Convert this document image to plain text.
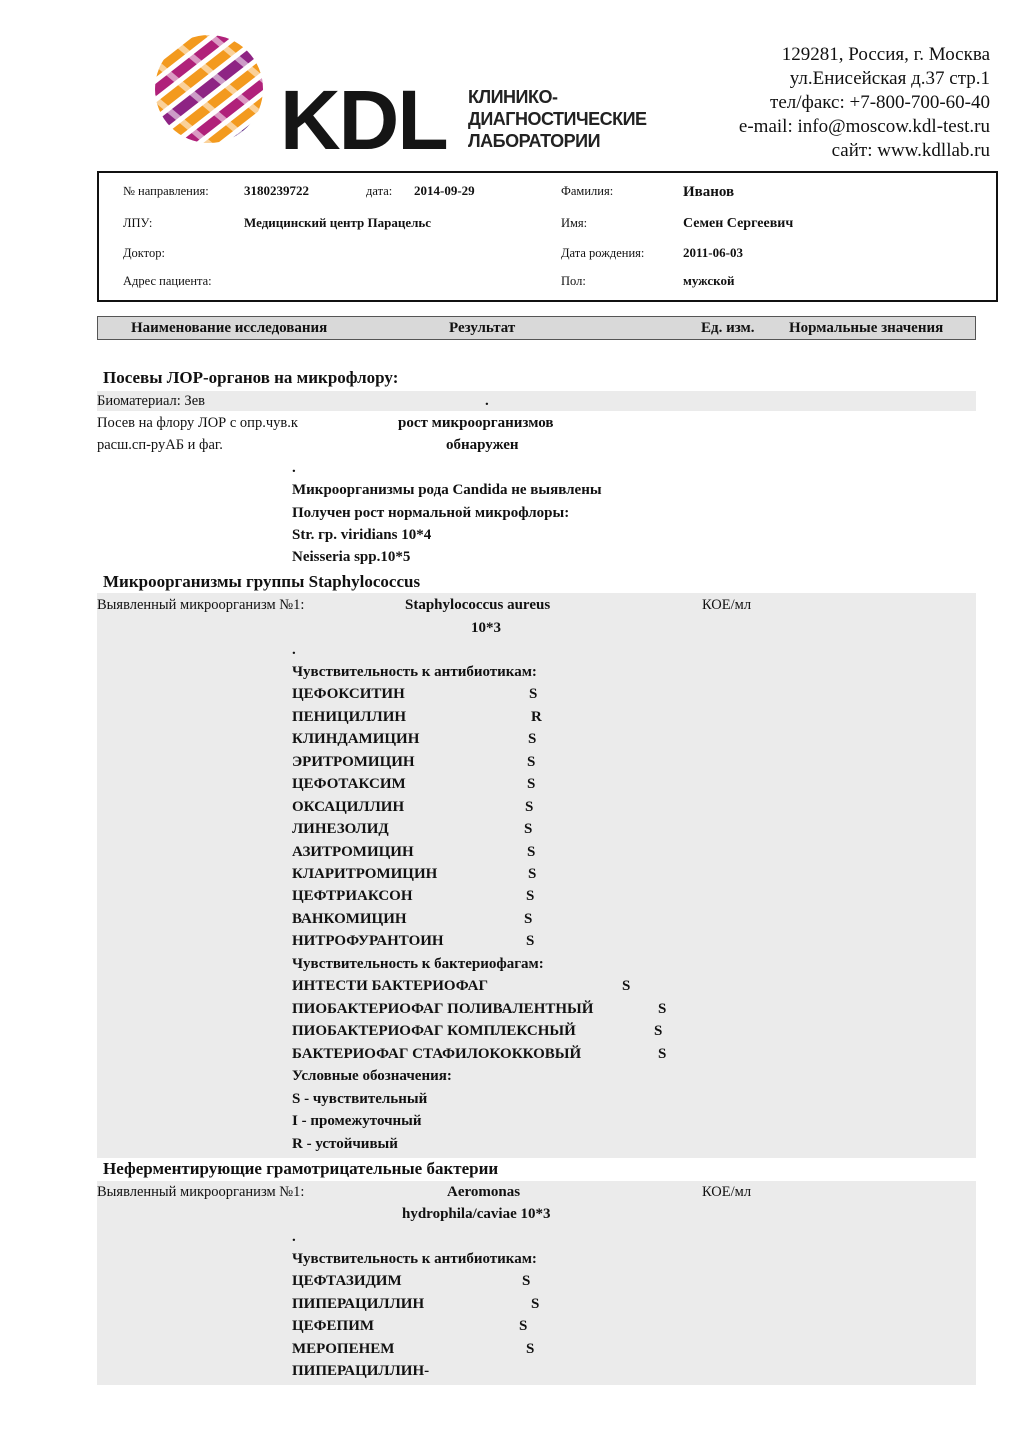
KDL КЛИНИКО-
ДИАГНОСТИЧЕСКИЕ
ЛАБОРАТОРИИ
129281, Россия, г. Москва
ул.Енисейская д.37 стр.1
тел/факс: +7-800-700-60-40
e-mail: info@moscow.kdl-test.ru
сайт: www.kdllab.ru
№ направления:	3180239722	дата: 2014-09-29	Фамилия:	Иванов
ЛПУ:	Медицинский центр Парацельс	Имя:	Семен Сергеевич
Доктор:	Дата рождения:	2011-06-03
Адрес пациента:	Пол:	мужской
Наименование исследования	Результат	Ед. изм. Нормальные значения
Посевы ЛОР-органов на микрофлору:
Биоматериал: Зев	.
Посев на флору ЛОР с опр.чув.к
расш.сп-руАБ и фаг.
рост микроорганизмов
обнаружен
.
Микроорганизмы рода Candida не выявлены
Получен рост нормальной микрофлоры:
Str. гр. viridians 10*4
Neisseria spp.10*5
Микроорганизмы группы Staphylococcus
Выявленный микроорганизм №1:	Staphylococcus aureus
10*3
КОЕ/мл
.
Чувствительность к антибиотикам:
ЦЕФОКСИТИН	S
ПЕНИЦИЛЛИН	R
КЛИНДАМИЦИН	S
ЭРИТРОМИЦИН	S
ЦЕФОТАКСИМ	S
ОКСАЦИЛЛИН	S
ЛИНЕЗОЛИД	S
АЗИТРОМИЦИН	S
КЛАРИТРОМИЦИН	S
ЦЕФТРИАКСОН	S
ВАНКОМИЦИН	S
НИТРОФУРАНТОИН	S
Чувствительность к бактериофагам:
ИНТЕСТИ БАКТЕРИОФАГ	S
ПИОБАКТЕРИОФАГ ПОЛИВАЛЕНТНЫЙ	S
ПИОБАКТЕРИОФАГ КОМПЛЕКСНЫЙ	S
БАКТЕРИОФАГ СТАФИЛОКОККОВЫЙ	S
Условные обозначения:
S - чувствительный
I - промежуточный
R - устойчивый
Неферментирующие грамотрицательные бактерии
Выявленный микроорганизм №1:	Aeromonas
hydrophila/caviae 10*3
КОЕ/мл
.
Чувствительность к антибиотикам:
ЦЕФТАЗИДИМ	S
ПИПЕРАЦИЛЛИН	S
ЦЕФЕПИМ	S
МЕРОПЕНЕМ	S
ПИПЕРАЦИЛЛИН-
